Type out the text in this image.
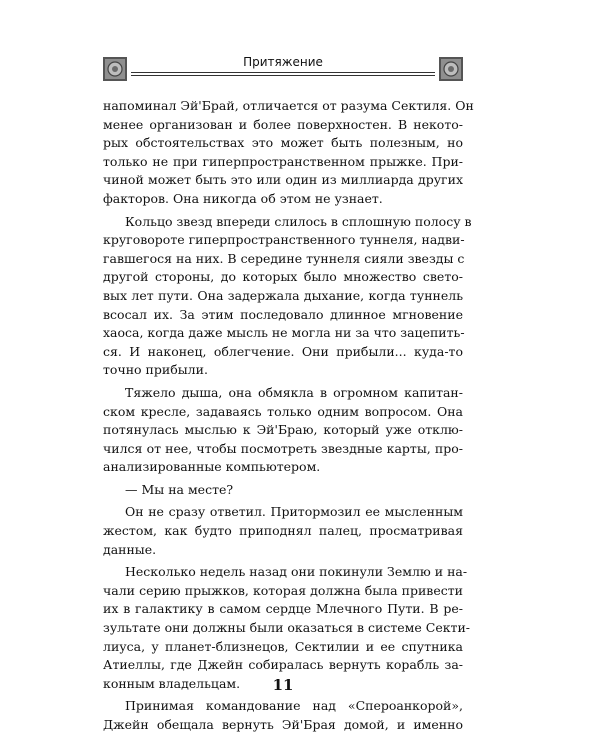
Притяжение
напоминал Эй'Брай, отличается от разума Сектиля. Он
менее организован и более поверхностен. В некото-
рых обстоятельствах это может быть полезным, но
только не при гиперпространственном прыжке. При-
чиной может быть это или один из миллиарда других
факторов. Она никогда об этом не узнает.
Кольцо звезд впереди слилось в сплошную полосу в
круговороте гиперпространственного туннеля, надви-
гавшегося на них. В середине туннеля сияли звезды с
другой стороны, до которых было множество свето-
вых лет пути. Она задержала дыхание, когда туннель
всосал их. За этим последовало длинное мгновение
хаоса, когда даже мысль не могла ни за что зацепить-
ся. И наконец, облегчение. Они прибыли... куда-то
точно прибыли.
Тяжело дыша, она обмякла в огромном капитан-
ском кресле, задаваясь только одним вопросом. Она
потянулась мыслью к Эй'Браю, который уже отклю-
чился от нее, чтобы посмотреть звездные карты, про-
анализированные компьютером.
— Мы на месте?
Он не сразу ответил. Притормозил ее мысленным
жестом, как будто приподнял палец, просматривая
данные.
Несколько недель назад они покинули Землю и на-
чали серию прыжков, которая должна была привести
их в галактику в самом сердце Млечного Пути. В ре-
зультате они должны были оказаться в системе Секти-
лиуса, у планет-близнецов, Сектилии и ее спутника
Атиеллы, где Джейн собиралась вернуть корабль за-
конным владельцам.
Принимая командование над «Спероанкорой»,
Джейн обещала вернуть Эй'Брая домой, и именно
11
